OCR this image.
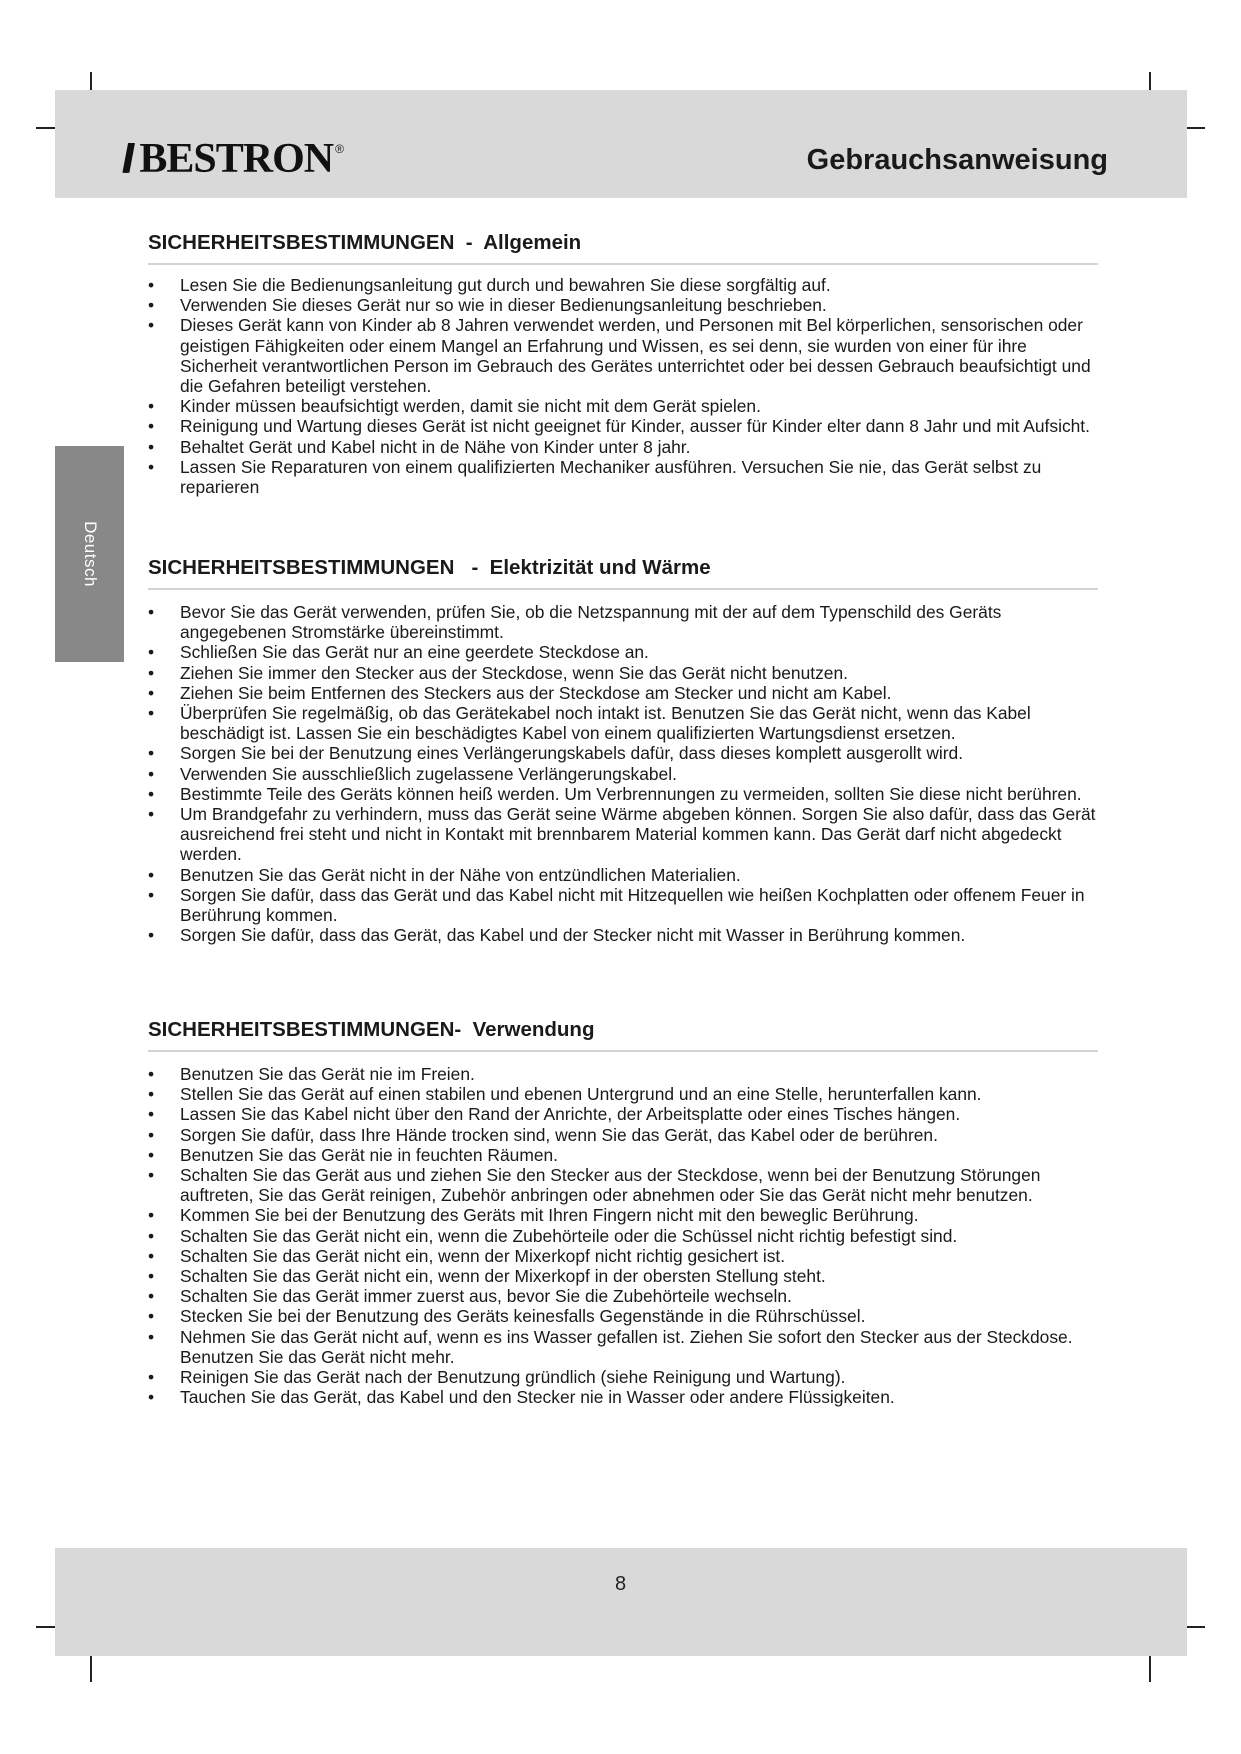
/// BESTRON ®	Gebrauchsanweisung
Deutsch
SICHERHEITSBESTIMMUNGEN  -  Allgemein
• Lesen Sie die Bedienungsanleitung gut durch und bewahren Sie diese sorgfältig auf.
• Verwenden Sie dieses Gerät nur so wie in dieser Bedienungsanleitung beschrieben.
• Dieses Gerät kann von Kinder ab 8 Jahren verwendet werden, und Personen mit Bel körperlichen, sensorischen oder geistigen Fähigkeiten oder einem Mangel an Erfahrung und Wissen, es sei denn, sie wurden von einer für ihre Sicherheit verantwortlichen Person im Gebrauch des Gerätes unterrichtet oder bei dessen Gebrauch beaufsichtigt und die Gefahren beteiligt verstehen.
• Kinder müssen beaufsichtigt werden, damit sie nicht mit dem Gerät spielen.
• Reinigung und Wartung dieses Gerät ist nicht geeignet für Kinder, ausser für Kinder elter dann 8 Jahr und mit Aufsicht.
• Behaltet Gerät und Kabel nicht in de Nähe von Kinder unter 8 jahr.
• Lassen Sie Reparaturen von einem qualifizierten Mechaniker ausführen. Versuchen Sie nie, das Gerät selbst zu reparieren
SICHERHEITSBESTIMMUNGEN   -  Elektrizität und Wärme
• Bevor Sie das Gerät verwenden, prüfen Sie, ob die Netzspannung mit der auf dem Typenschild des Geräts angegebenen Stromstärke übereinstimmt.
• Schließen Sie das Gerät nur an eine geerdete Steckdose an.
• Ziehen Sie immer den Stecker aus der Steckdose, wenn Sie das Gerät nicht benutzen.
• Ziehen Sie beim Entfernen des Steckers aus der Steckdose am Stecker und nicht am Kabel.
• Überprüfen Sie regelmäßig, ob das Gerätekabel noch intakt ist. Benutzen Sie das Gerät nicht, wenn das Kabel beschädigt ist. Lassen Sie ein beschädigtes Kabel von einem qualifizierten Wartungsdienst ersetzen.
• Sorgen Sie bei der Benutzung eines Verlängerungskabels dafür, dass dieses komplett ausgerollt wird.
• Verwenden Sie ausschließlich zugelassene Verlängerungskabel.
• Bestimmte Teile des Geräts können heiß werden. Um Verbrennungen zu vermeiden, sollten Sie diese nicht berühren.
• Um Brandgefahr zu verhindern, muss das Gerät seine Wärme abgeben können. Sorgen Sie also dafür, dass das Gerät ausreichend frei steht und nicht in Kontakt mit brennbarem Material kommen kann. Das Gerät darf nicht abgedeckt werden.
• Benutzen Sie das Gerät nicht in der Nähe von entzündlichen Materialien.
• Sorgen Sie dafür, dass das Gerät und das Kabel nicht mit Hitzequellen wie heißen Kochplatten oder offenem Feuer in Berührung kommen.
• Sorgen Sie dafür, dass das Gerät, das Kabel und der Stecker nicht mit Wasser in Berührung kommen.
SICHERHEITSBESTIMMUNGEN-  Verwendung
• Benutzen Sie das Gerät nie im Freien.
• Stellen Sie das Gerät auf einen stabilen und ebenen Untergrund und an eine Stelle, herunterfallen kann.
• Lassen Sie das Kabel nicht über den Rand der Anrichte, der Arbeitsplatte oder eines Tisches hängen.
• Sorgen Sie dafür, dass Ihre Hände trocken sind, wenn Sie das Gerät, das Kabel oder de berühren.
• Benutzen Sie das Gerät nie in feuchten Räumen.
• Schalten Sie das Gerät aus und ziehen Sie den Stecker aus der Steckdose, wenn bei der Benutzung Störungen auftreten, Sie das Gerät reinigen, Zubehör anbringen oder abnehmen oder Sie das Gerät nicht mehr benutzen.
• Kommen Sie bei der Benutzung des Geräts mit Ihren Fingern nicht mit den beweglic Berührung.
• Schalten Sie das Gerät nicht ein, wenn die Zubehörteile oder die Schüssel nicht richtig befestigt sind.
• Schalten Sie das Gerät nicht ein, wenn der Mixerkopf nicht richtig gesichert ist.
• Schalten Sie das Gerät nicht ein, wenn der Mixerkopf in der obersten Stellung steht.
• Schalten Sie das Gerät immer zuerst aus, bevor Sie die Zubehörteile wechseln.
• Stecken Sie bei der Benutzung des Geräts keinesfalls Gegenstände in die Rührschüssel.
• Nehmen Sie das Gerät nicht auf, wenn es ins Wasser gefallen ist. Ziehen Sie sofort den Stecker aus der Steckdose. Benutzen Sie das Gerät nicht mehr.
• Reinigen Sie das Gerät nach der Benutzung gründlich (siehe Reinigung und Wartung).
• Tauchen Sie das Gerät, das Kabel und den Stecker nie in Wasser oder andere Flüssigkeiten.
8
